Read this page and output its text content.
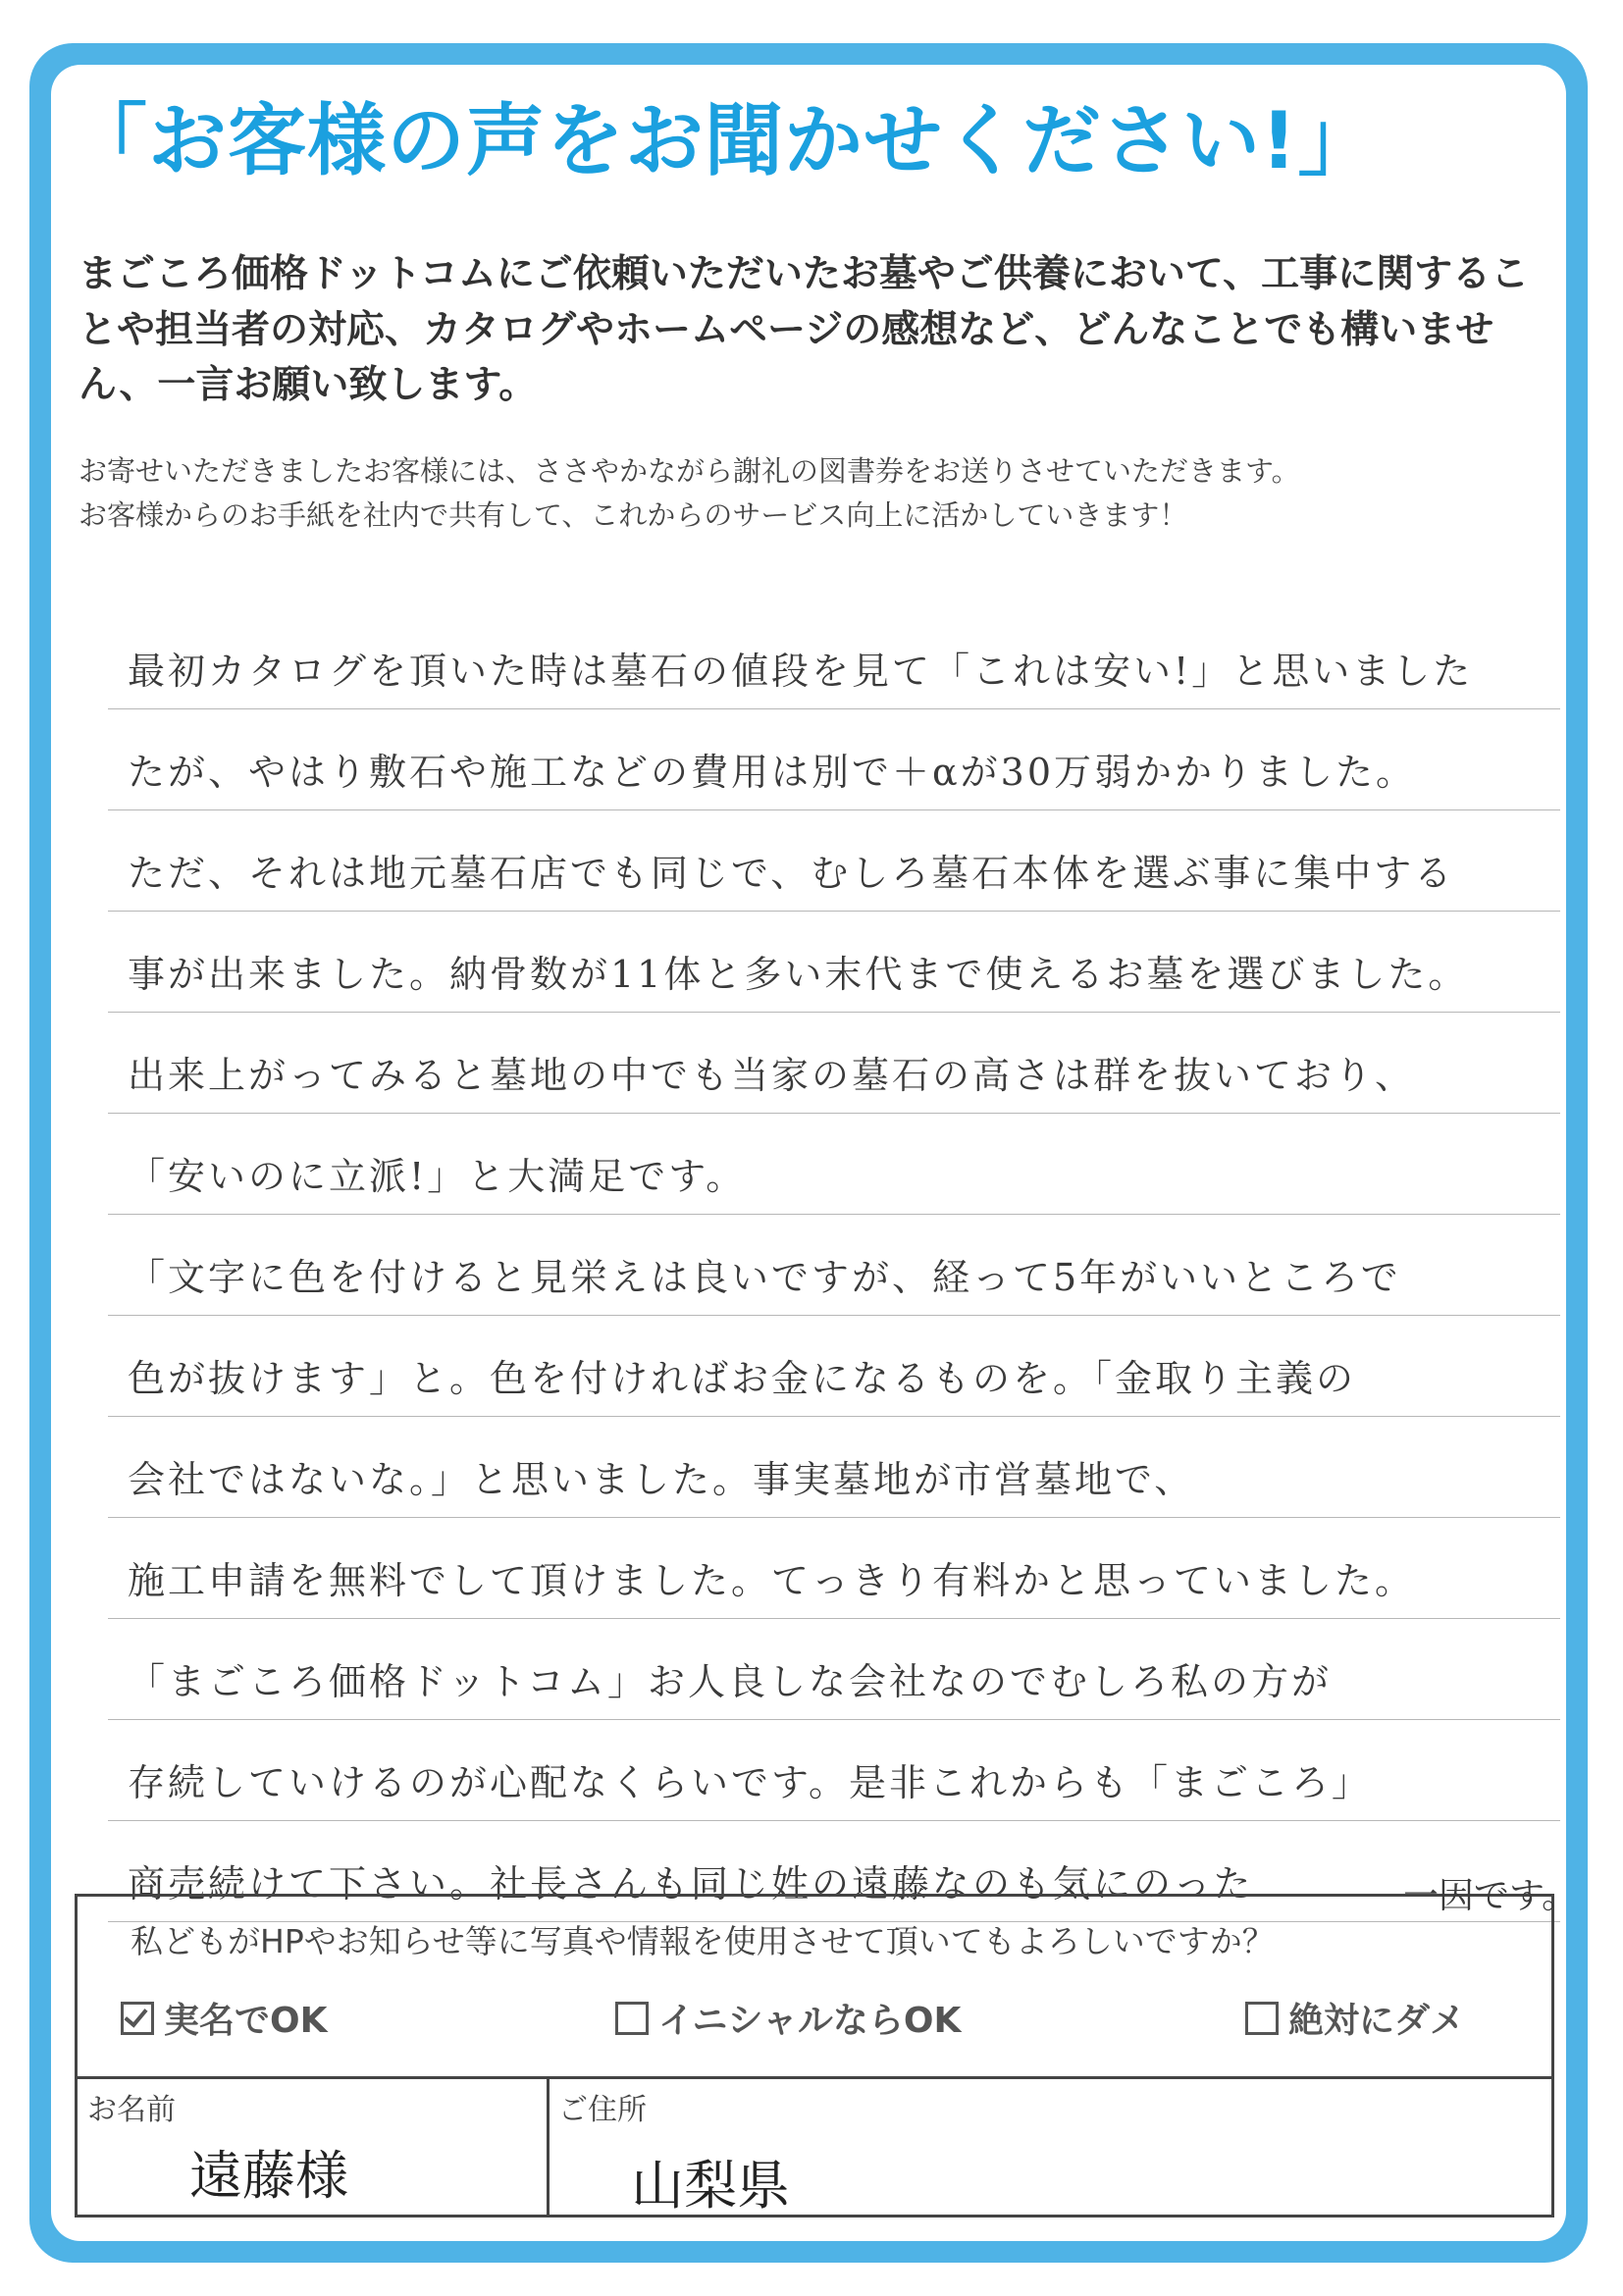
「お客様の声をお聞かせください!」
まごころ価格ドットコムにご依頼いただいたお墓やご供養において、工事に関することや担当者の対応、カタログやホームページの感想など、どんなことでも構いません、一言お願い致します。
お寄せいただきましたお客様には、ささやかながら謝礼の図書券をお送りさせていただきます。
お客様からのお手紙を社内で共有して、これからのサービス向上に活かしていきます！
最初カタログを頂いた時は墓石の値段を見て「これは安い!」と思いました
たが、やはり敷石や施工などの費用は別で＋αが30万弱かかりました。
ただ、それは地元墓石店でも同じで、むしろ墓石本体を選ぶ事に集中する
事が出来ました。納骨数が11体と多い末代まで使えるお墓を選びました。
出来上がってみると墓地の中でも当家の墓石の高さは群を抜いており、
「安いのに立派!」と大満足です。
「文字に色を付けると見栄えは良いですが、経って5年がいいところで
色が抜けます」と。色を付ければお金になるものを。「金取り主義の
会社ではないな。」と思いました。事実墓地が市営墓地で、
施工申請を無料でして頂けました。てっきり有料かと思っていました。
「まごころ価格ドットコム」お人良しな会社なのでむしろ私の方が
存続していけるのが心配なくらいです。是非これからも「まごころ」
商売続けて下さい。社長さんも同じ姓の遠藤なのも気にのった
私どもがHPやお知らせ等に写真や情報を使用させて頂いてもよろしいですか？
実名でOK	イニシャルならOK	絶対にダメ
お名前
遠藤様
ご住所
山梨県
一因です。
